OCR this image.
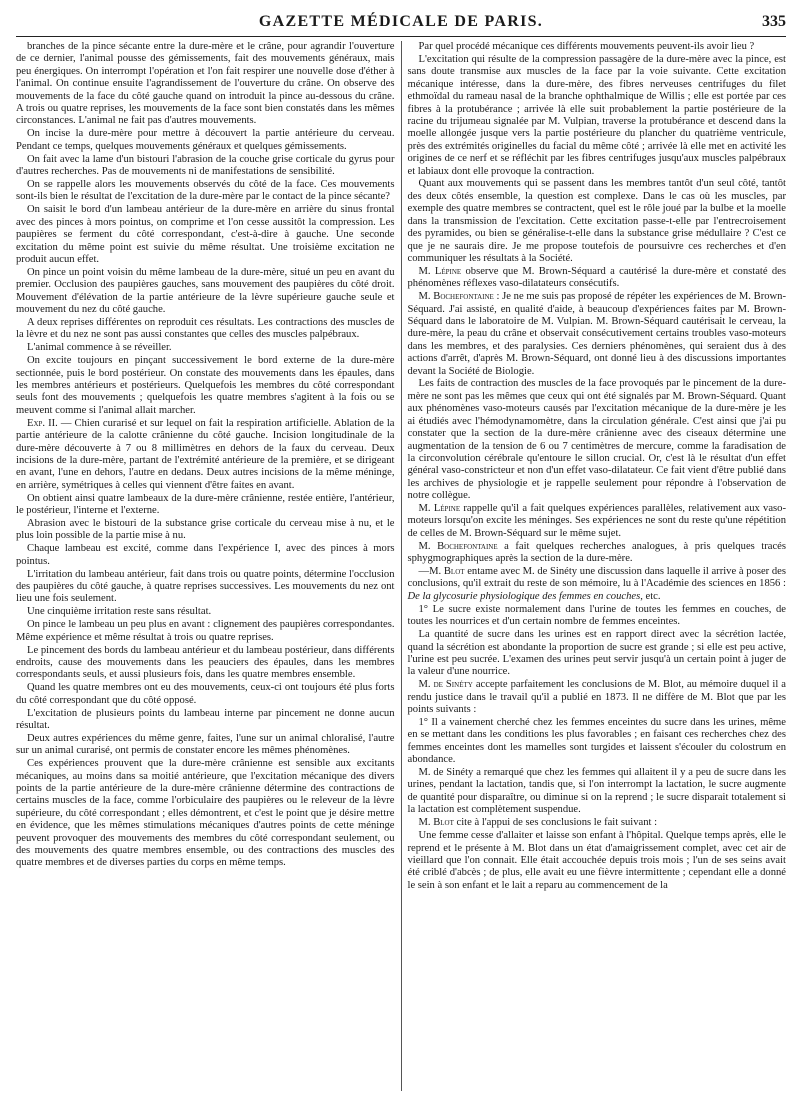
GAZETTE MÉDICALE DE PARIS.	335

branches de la pince sécante entre la dure-mère et le crâne, pour agrandir l'ouverture de ce dernier, l'animal pousse des gémissements, fait des mouvements généraux, mais peu énergiques. On interrompt l'opération et l'on fait respirer une nouvelle dose d'éther à l'animal. On continue ensuite l'agrandissement de l'ouverture du crâne. On observe des mouvements de la face du côté gauche quand on introduit la pince au-dessous du crâne. A trois ou quatre reprises, les mouvements de la face sont bien constatés dans les mêmes circonstances. L'animal ne fait pas d'autres mouvements.

On incise la dure-mère pour mettre à découvert la partie antérieure du cerveau. Pendant ce temps, quelques mouvements généraux et quelques gémissements.

On fait avec la lame d'un bistouri l'abrasion de la couche grise corticale du gyrus pour d'autres recherches. Pas de mouvements ni de manifestations de sensibilité.

On se rappelle alors les mouvements observés du côté de la face. Ces mouvements sont-ils bien le résultat de l'excitation de la dure-mère par le contact de la pince sécante?

On saisit le bord d'un lambeau antérieur de la dure-mère en arrière du sinus frontal avec des pinces à mors pointus, on comprime et l'on cesse aussitôt la compression. Les paupières se ferment du côté correspondant, c'est-à-dire à gauche. Une seconde excitation du même point est suivie du même résultat. Une troisième excitation ne produit aucun effet.

On pince un point voisin du même lambeau de la dure-mère, situé un peu en avant du premier. Occlusion des paupières gauches, sans mouvement des paupières du côté droit. Mouvement d'élévation de la partie antérieure de la lèvre supérieure gauche seule et mouvement du nez du côté gauche.

A deux reprises différentes on reproduit ces résultats. Les contractions des muscles de la lèvre et du nez ne sont pas aussi constantes que celles des muscles palpébraux.

L'animal commence à se réveiller.

On excite toujours en pinçant successivement le bord externe de la dure-mère sectionnée, puis le bord postérieur. On constate des mouvements dans les épaules, dans les membres antérieurs et postérieurs. Quelquefois les membres du côté correspondant seuls font des mouvements ; quelquefois les quatre membres s'agitent à la fois ou se meuvent comme si l'animal allait marcher.

Exp. II. — Chien curarisé et sur lequel on fait la respiration artificielle. Ablation de la partie antérieure de la calotte crânienne du côté gauche. Incision longitudinale de la dure-mère découverte à 7 ou 8 millimètres en dehors de la faux du cerveau. Deux incisions de la dure-mère, partant de l'extrémité antérieure de la première, et se dirigeant en avant, l'une en dehors, l'autre en dedans. Deux autres incisions de la même méninge, en arrière, symétriques à celles qui viennent d'être faites en avant.

On obtient ainsi quatre lambeaux de la dure-mère crânienne, restée entière, l'antérieur, le postérieur, l'interne et l'externe.

Abrasion avec le bistouri de la substance grise corticale du cerveau mise à nu, et le plus loin possible de la partie mise à nu.

Chaque lambeau est excité, comme dans l'expérience I, avec des pinces à mors pointus.

L'irritation du lambeau antérieur, fait dans trois ou quatre points, détermine l'occlusion des paupières du côté gauche, à quatre reprises successives. Les mouvements du nez ont lieu une fois seulement.

Une cinquième irritation reste sans résultat.

On pince le lambeau un peu plus en avant : clignement des paupières correspondantes. Même expérience et même résultat à trois ou quatre reprises.

Le pincement des bords du lambeau antérieur et du lambeau postérieur, dans différents endroits, cause des mouvements dans les peauciers des épaules, dans les membres correspondants seuls, et aussi plusieurs fois, dans les quatre membres ensemble.

Quand les quatre membres ont eu des mouvements, ceux-ci ont toujours été plus forts du côté correspondant que du côté opposé.

L'excitation de plusieurs points du lambeau interne par pincement ne donne aucun résultat.

Deux autres expériences du même genre, faites, l'une sur un animal chloralisé, l'autre sur un animal curarisé, ont permis de constater encore les mêmes phénomènes.

Ces expériences prouvent que la dure-mère crânienne est sensible aux excitants mécaniques, au moins dans sa moitié antérieure, que l'excitation mécanique des divers points de la partie antérieure de la dure-mère crânienne détermine des contractions de certains muscles de la face, comme l'orbiculaire des paupières ou le releveur de la lèvre supérieure, du côté correspondant ; elles démontrent, et c'est le point que je désire mettre en évidence, que les mêmes stimulations mécaniques d'autres points de cette méninge peuvent provoquer des mouvements des membres du côté correspondant seulement, ou des mouvements des quatre membres ensemble, ou des contractions des muscles des quatre membres et de diverses parties du corps en même temps.

Par quel procédé mécanique ces différents mouvements peuvent-ils avoir lieu ?

L'excitation qui résulte de la compression passagère de la dure-mère avec la pince, est sans doute transmise aux muscles de la face par la voie suivante. Cette excitation mécanique intéresse, dans la dure-mère, des fibres nerveuses centrifuges du filet ethmoïdal du rameau nasal de la branche ophthalmique de Willis ; elle est portée par ces fibres à la protubérance ; arrivée là elle suit probablement la partie postérieure de la racine du trijumeau signalée par M. Vulpian, traverse la protubérance et descend dans la moelle allongée jusque vers la partie postérieure du plancher du quatrième ventricule, près des extrémités originelles du facial du même côté ; arrivée là elle met en activité les origines de ce nerf et se réfléchit par les fibres centrifuges jusqu'aux muscles palpébraux et labiaux dont elle provoque la contraction.

Quant aux mouvements qui se passent dans les membres tantôt d'un seul côté, tantôt des deux côtés ensemble, la question est complexe. Dans le cas où les muscles, par exemple des quatre membres se contractent, quel est le rôle joué par la bulbe et la moelle dans la transmission de l'excitation. Cette excitation passe-t-elle par l'entrecroisement des pyramides, ou bien se généralise-t-elle dans la substance grise médullaire ? C'est ce que je ne saurais dire. Je me propose toutefois de poursuivre ces recherches et d'en communiquer les résultats à la Société.

M. Lépine observe que M. Brown-Séquard a cautérisé la dure-mère et constaté des phénomènes réflexes vaso-dilatateurs consécutifs.

M. Bochefontaine : Je ne me suis pas proposé de répéter les expériences de M. Brown-Séquard. J'ai assisté, en qualité d'aide, à beaucoup d'expériences faites par M. Brown-Séquard dans le laboratoire de M. Vulpian. M. Brown-Séquard cautérisait le cerveau, la dure-mère, la peau du crâne et observait consécutivement certains troubles vaso-moteurs dans les membres, et des paralysies. Ces derniers phénomènes, qui seraient dus à des actions d'arrêt, d'après M. Brown-Séquard, ont donné lieu à des discussions importantes devant la Société de Biologie.

Les faits de contraction des muscles de la face provoqués par le pincement de la dure-mère ne sont pas les mêmes que ceux qui ont été signalés par M. Brown-Séquard. Quant aux phénomènes vaso-moteurs causés par l'excitation mécanique de la dure-mère je les ai étudiés avec l'hémodynamomètre, dans la circulation générale. C'est ainsi que j'ai pu constater que la section de la dure-mère crânienne avec des ciseaux détermine une augmentation de la tension de 6 ou 7 centimètres de mercure, comme la faradisation de la circonvolution cérébrale qu'entoure le sillon crucial. Or, c'est là le résultat d'un effet général vaso-constricteur et non d'un effet vaso-dilatateur. Ce fait vient d'être publié dans les archives de physiologie et je rappelle seulement pour répondre à l'observation de notre collègue.

M. Lépine rappelle qu'il a fait quelques expériences parallèles, relativement aux vaso-moteurs lorsqu'on excite les méninges. Ses expériences ne sont du reste qu'une répétition de celles de M. Brown-Séquard sur le même sujet.

M. Bochefontaine a fait quelques recherches analogues, à pris quelques tracés sphygmographiques après la section de la dure-mère.

—M. Blot entame avec M. de Sinéty une discussion dans laquelle il arrive à poser des conclusions, qu'il extrait du reste de son mémoire, lu à l'Académie des sciences en 1856 : De la glycosurie physiologique des femmes en couches, etc.

1° Le sucre existe normalement dans l'urine de toutes les femmes en couches, de toutes les nourrices et d'un certain nombre de femmes enceintes.

La quantité de sucre dans les urines est en rapport direct avec la sécrétion lactée, quand la sécrétion est abondante la proportion de sucre est grande ; si elle est peu active, l'urine est peu sucrée. L'examen des urines peut servir jusqu'à un certain point à juger de la valeur d'une nourrice.

M. de Sinéty accepte parfaitement les conclusions de M. Blot, au mémoire duquel il a rendu justice dans le travail qu'il a publié en 1873. Il ne diffère de M. Blot que par les points suivants :

1° Il a vainement cherché chez les femmes enceintes du sucre dans les urines, même en se mettant dans les conditions les plus favorables ; en faisant ces recherches chez des femmes enceintes dont les mamelles sont turgides et laissent s'écouler du colostrum en abondance.

M. de Sinéty a remarqué que chez les femmes qui allaitent il y a peu de sucre dans les urines, pendant la lactation, tandis que, si l'on interrompt la lactation, le sucre augmente de quantité pour disparaître, ou diminue si on la reprend ; le sucre disparait totalement si la lactation est complètement suspendue.

M. Blot cite à l'appui de ses conclusions le fait suivant :

Une femme cesse d'allaiter et laisse son enfant à l'hôpital. Quelque temps après, elle le reprend et le présente à M. Blot dans un état d'amaigrissement complet, avec cet air de vieillard que l'on connait. Elle était accouchée depuis trois mois ; l'un de ses seins avait été criblé d'abcès ; de plus, elle avait eu une fièvre intermittente ; cependant elle a donné le sein à son enfant et le lait a reparu au commencement de la
